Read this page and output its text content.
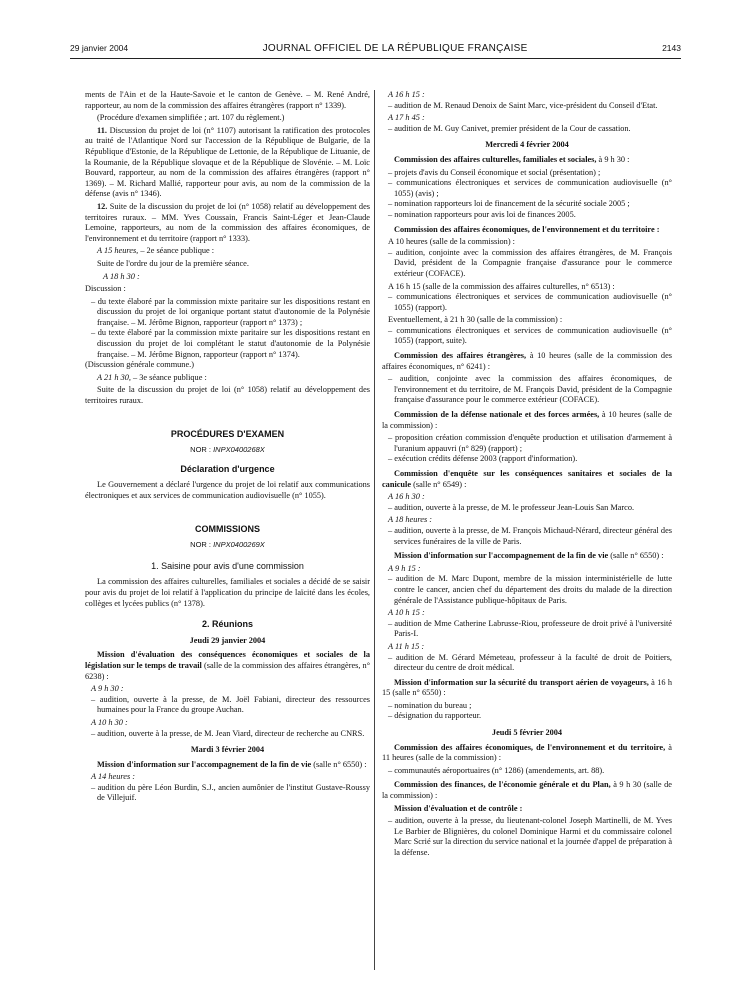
29 janvier 2004	JOURNAL OFFICIEL DE LA RÉPUBLIQUE FRANÇAISE	2143

ments de l'Ain et de la Haute-Savoie et le canton de Genève. – M. René André, rapporteur, au nom de la commission des affaires étrangères (rapport n° 1339).

(Procédure d'examen simplifiée ; art. 107 du règlement.)

11. Discussion du projet de loi (n° 1107) autorisant la ratification des protocoles au traité de l'Atlantique Nord sur l'accession de la République de Bulgarie, de la République d'Estonie, de la République de Lettonie, de la République de Lituanie, de la Roumanie, de la République slovaque et de la République de Slovénie. – M. Loïc Bouvard, rapporteur, au nom de la commission des affaires étrangères (rapport n° 1369). – M. Richard Mallié, rapporteur pour avis, au nom de la commission de la défense (avis n° 1346).

12. Suite de la discussion du projet de loi (n° 1058) relatif au développement des territoires ruraux. – MM. Yves Coussain, Francis Saint-Léger et Jean-Claude Lemoine, rapporteurs, au nom de la commission des affaires économiques, de l'environnement et du territoire (rapport n° 1333).

A 15 heures, – 2e séance publique :

Suite de l'ordre du jour de la première séance.

A 18 h 30 :

Discussion :

– du texte élaboré par la commission mixte paritaire sur les dispositions restant en discussion du projet de loi organique portant statut d'autonomie de la Polynésie française. – M. Jérôme Bignon, rapporteur (rapport n° 1373) ;

– du texte élaboré par la commission mixte paritaire sur les dispositions restant en discussion du projet de loi complétant le statut d'autonomie de la Polynésie française. – M. Jérôme Bignon, rapporteur (rapport n° 1374).

(Discussion générale commune.)

A 21 h 30, – 3e séance publique :

Suite de la discussion du projet de loi (n° 1058) relatif au développement des territoires ruraux.

PROCÉDURES D'EXAMEN
NOR : INPX0400268X
Déclaration d'urgence

Le Gouvernement a déclaré l'urgence du projet de loi relatif aux communications électroniques et aux services de communication audiovisuelle (n° 1055).

COMMISSIONS
NOR : INPX0400269X
1. Saisine pour avis d'une commission

La commission des affaires culturelles, familiales et sociales a décidé de se saisir pour avis du projet de loi relatif à l'application du principe de laïcité dans les écoles, collèges et lycées publics (n° 1378).

2. Réunions
Jeudi 29 janvier 2004

Mission d'évaluation des conséquences économiques et sociales de la législation sur le temps de travail (salle de la commission des affaires étrangères, n° 6238) :

A 9 h 30 :

– audition, ouverte à la presse, de M. Joël Fabiani, directeur des ressources humaines pour la France du groupe Auchan.

A 10 h 30 :

– audition, ouverte à la presse, de M. Jean Viard, directeur de recherche au CNRS.

Mardi 3 février 2004

Mission d'information sur l'accompagnement de la fin de vie (salle n° 6550) :

A 14 heures :

– audition du père Léon Burdin, S.J., ancien aumônier de l'institut Gustave-Roussy de Villejuif.

A 16 h 15 :

– audition de M. Renaud Denoix de Saint Marc, vice-président du Conseil d'Etat.

A 17 h 45 :

– audition de M. Guy Canivet, premier président de la Cour de cassation.

Mercredi 4 février 2004

Commission des affaires culturelles, familiales et sociales, à 9 h 30 :

– projets d'avis du Conseil économique et social (présentation) ;

– communications électroniques et services de communication audiovisuelle (n° 1055) (avis) ;

– nomination rapporteurs loi de financement de la sécurité sociale 2005 ;

– nomination rapporteurs pour avis loi de finances 2005.

Commission des affaires économiques, de l'environnement et du territoire :

A 10 heures (salle de la commission) :

– audition, conjointe avec la commission des affaires étrangères, de M. François David, président de la Compagnie française d'assurance pour le commerce extérieur (COFACE).

A 16 h 15 (salle de la commission des affaires culturelles, n° 6513) :

– communications électroniques et services de communication audiovisuelle (n° 1055) (rapport).

Eventuellement, à 21 h 30 (salle de la commission) :

– communications électroniques et services de communication audiovisuelle (n° 1055) (rapport, suite).

Commission des affaires étrangères, à 10 heures (salle de la commission des affaires économiques, n° 6241) :

– audition, conjointe avec la commission des affaires économiques, de l'environnement et du territoire, de M. François David, président de la Compagnie française d'assurance pour le commerce extérieur (COFACE).

Commission de la défense nationale et des forces armées, à 10 heures (salle de la commission) :

– proposition création commission d'enquête production et utilisation d'armement à l'uranium appauvri (n° 829) (rapport) ;

– exécution crédits défense 2003 (rapport d'information).

Commission d'enquête sur les conséquences sanitaires et sociales de la canicule (salle n° 6549) :

A 16 h 30 :

– audition, ouverte à la presse, de M. le professeur Jean-Louis San Marco.

A 18 heures :

– audition, ouverte à la presse, de M. François Michaud-Nérard, directeur général des services funéraires de la ville de Paris.

Mission d'information sur l'accompagnement de la fin de vie (salle n° 6550) :

A 9 h 15 :

– audition de M. Marc Dupont, membre de la mission interministérielle de lutte contre le cancer, ancien chef du département des droits du malade de la direction générale de l'Assistance publique-hôpitaux de Paris.

A 10 h 15 :

– audition de Mme Catherine Labrusse-Riou, professeure de droit privé à l'université Paris-I.

A 11 h 15 :

– audition de M. Gérard Mémeteau, professeur à la faculté de droit de Poitiers, directeur du centre de droit médical.

Mission d'information sur la sécurité du transport aérien de voyageurs, à 16 h 15 (salle n° 6550) :

– nomination du bureau ;

– désignation du rapporteur.

Jeudi 5 février 2004

Commission des affaires économiques, de l'environnement et du territoire, à 11 heures (salle de la commission) :

– communautés aéroportuaires (n° 1286) (amendements, art. 88).

Commission des finances, de l'économie générale et du Plan, à 9 h 30 (salle de la commission) :

Mission d'évaluation et de contrôle :

– audition, ouverte à la presse, du lieutenant-colonel Joseph Martinelli, de M. Yves Le Barbier de Blignières, du colonel Dominique Harmi et du commissaire colonel Marc Scrié sur la direction du service national et la journée d'appel de préparation à la défense.
